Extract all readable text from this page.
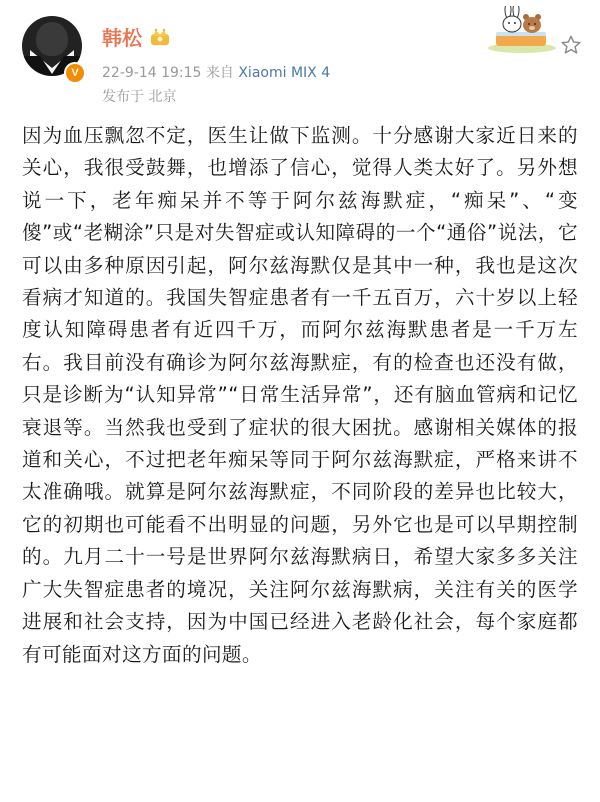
V
韩松
22-9-14 19:15 来自 Xiaomi MIX 4
发布于 北京
因为血压飘忽不定，医生让做下监测。十分感谢大家近日来的关心，我很受鼓舞，也增添了信心，觉得人类太好了。另外想说一下，老年痴呆并不等于阿尔兹海默症，“痴呆”、“变傻”或“老糊涂”只是对失智症或认知障碍的一个“通俗”说法，它可以由多种原因引起，阿尔兹海默仅是其中一种，我也是这次看病才知道的。我国失智症患者有一千五百万，六十岁以上轻度认知障碍患者有近四千万，而阿尔兹海默患者是一千万左右。我目前没有确诊为阿尔兹海默症，有的检查也还没有做，只是诊断为“认知异常”“日常生活异常”，还有脑血管病和记忆衰退等。当然我也受到了症状的很大困扰。感谢相关媒体的报道和关心，不过把老年痴呆等同于阿尔兹海默症，严格来讲不太准确哦。就算是阿尔兹海默症，不同阶段的差异也比较大，它的初期也可能看不出明显的问题，另外它也是可以早期控制的。九月二十一号是世界阿尔兹海默病日，希望大家多多关注广大失智症患者的境况，关注阿尔兹海默病，关注有关的医学进展和社会支持，因为中国已经进入老龄化社会，每个家庭都有可能面对这方面的问题。
